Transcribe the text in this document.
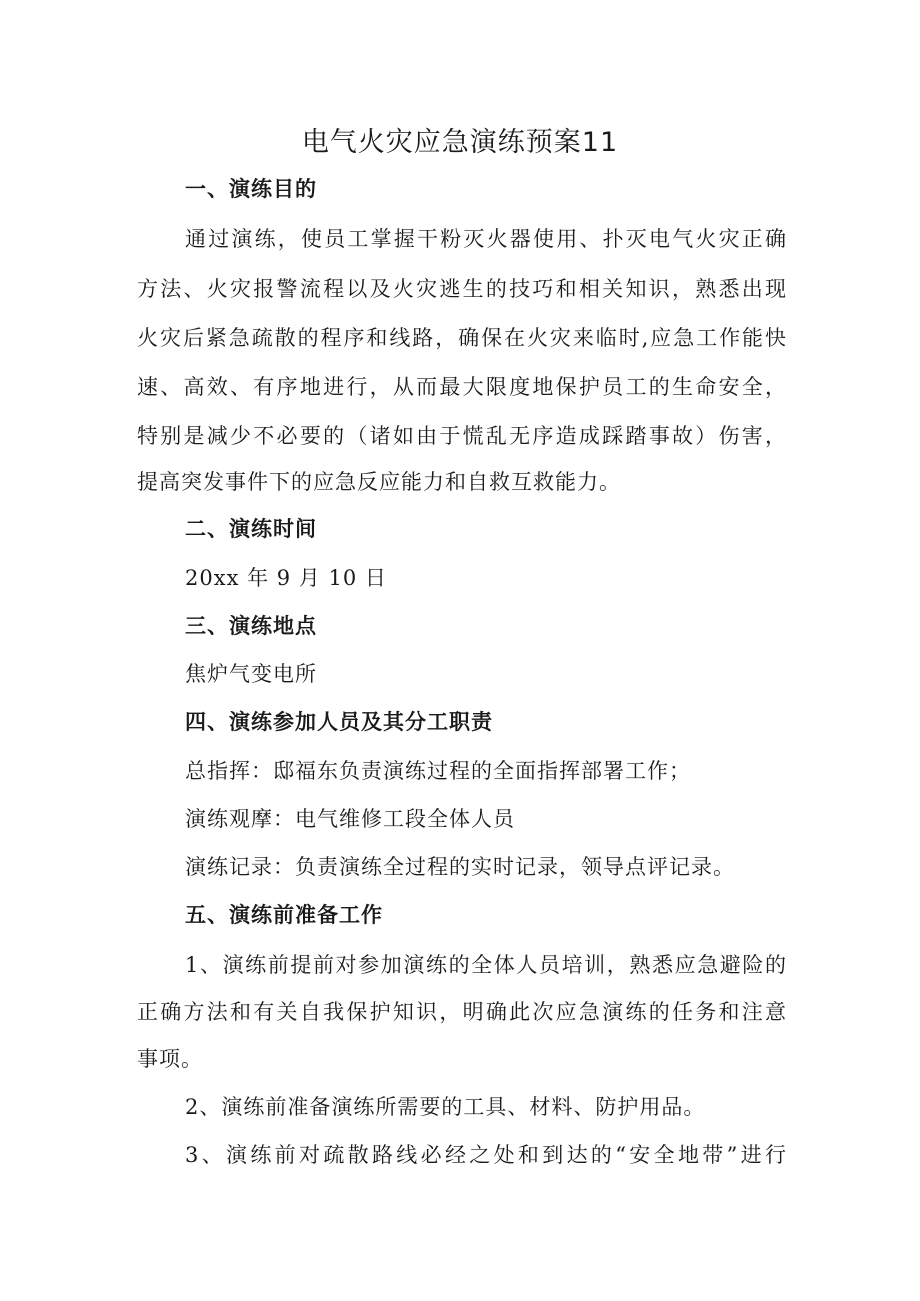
电气火灾应急演练预案11
一、演练目的
通过演练，使员工掌握干粉灭火器使用、扑灭电气火灾正确
方法、火灾报警流程以及火灾逃生的技巧和相关知识，熟悉出现
火灾后紧急疏散的程序和线路，确保在火灾来临时,应急工作能快
速、高效、有序地进行，从而最大限度地保护员工的生命安全，
特别是减少不必要的（诸如由于慌乱无序造成踩踏事故）伤害，
提高突发事件下的应急反应能力和自救互救能力。
二、演练时间
20xx 年 9 月 10 日
三、演练地点
焦炉气变电所
四、演练参加人员及其分工职责
总指挥：邸福东负责演练过程的全面指挥部署工作；
演练观摩：电气维修工段全体人员
演练记录：负责演练全过程的实时记录，领导点评记录。
五、演练前准备工作
1、演练前提前对参加演练的全体人员培训，熟悉应急避险的
正确方法和有关自我保护知识，明确此次应急演练的任务和注意
事项。
2、演练前准备演练所需要的工具、材料、防护用品。
3、演练前对疏散路线必经之处和到达的“安全地带”进行
